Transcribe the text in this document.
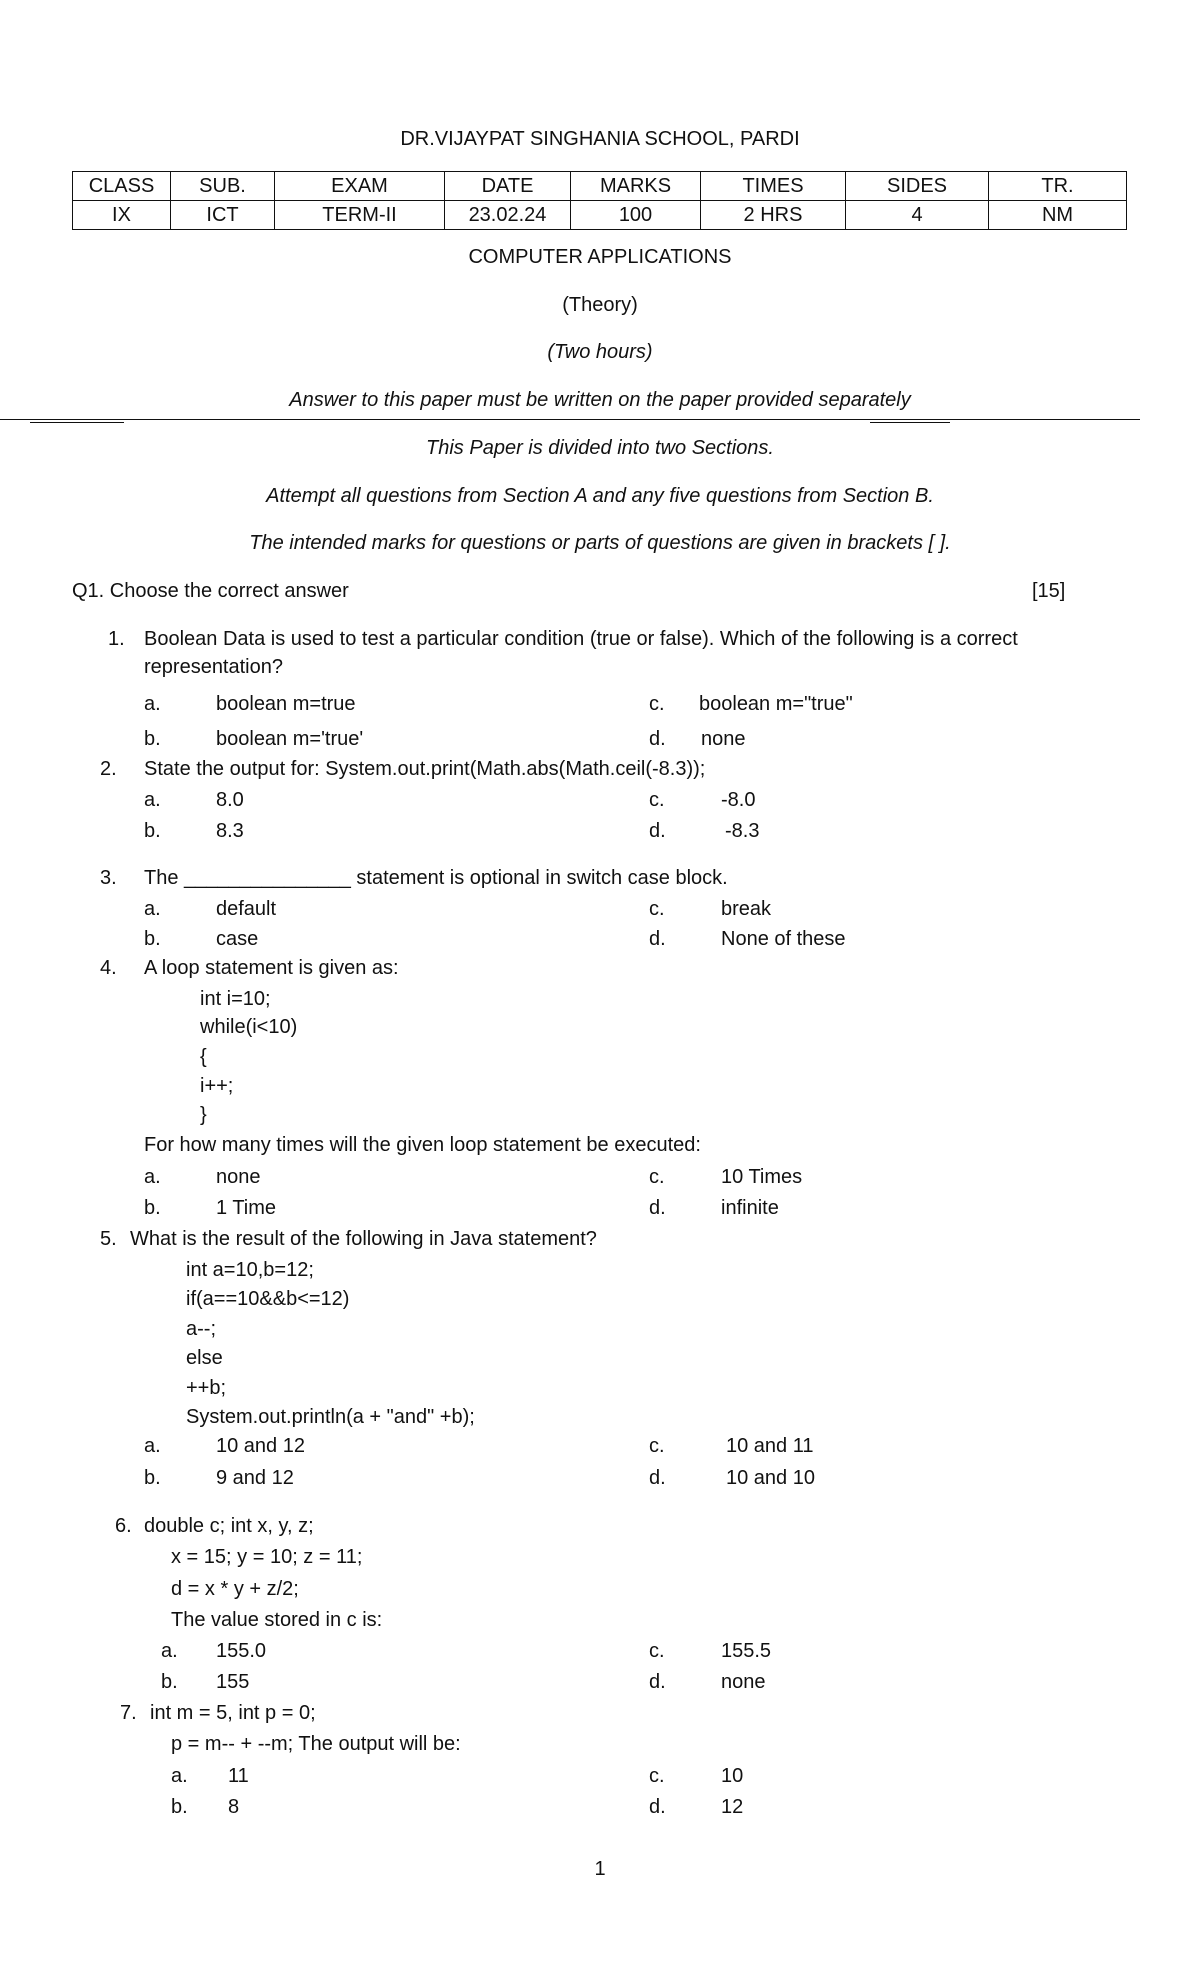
DR.VIJAYPAT SINGHANIA SCHOOL, PARDI
CLASS	SUB.	EXAM	DATE	MARKS	TIMES	SIDES	TR.
IX	ICT	TERM-II	23.02.24	100	2 HRS	4	NM
COMPUTER APPLICATIONS
(Theory)
(Two hours)
Answer to this paper must be written on the paper provided separately
This Paper is divided into two Sections.
Attempt all questions from Section A and any five questions from Section B.
The intended marks for questions or parts of questions are given in brackets [ ].
Q1. Choose the correct answer	[15]
1. Boolean Data is used to test a particular condition (true or false). Which of the following is a correct
representation?
a.	boolean m=true
b.	boolean m='true'
c. boolean m="true"
d. none
2. State the output for: System.out.print(Math.abs(Math.ceil(-8.3));
a.	8.0
b.	8.3
c.	-8.0
d.	-8.3
3. The _______________ statement is optional in switch case block.
a.	default
b.	case
c.	break
d.	None of these
4. A loop statement is given as:
int i=10;
while(i<10)
{
i++;
}
For how many times will the given loop statement be executed:
a.	none
b.	1 Time
c.	10 Times
d.	infinite
5. What is the result of the following in Java statement?
int a=10,b=12;
if(a==10&&b<=12)
a--;
else
++b;
System.out.println(a + "and" +b);
a.	10 and 12
b.	9 and 12
c.	10 and 11
d.	10 and 10
6. double c; int x, y, z;
x = 15; y = 10; z = 11;
d = x * y + z/2;
The value stored in c is:
a. 155.0
b. 155
c.	155.5
d.	none
7. int m = 5, int p = 0;
p = m-- + --m; The output will be:
a. 11
b. 8
c.	10
d.	12
1
